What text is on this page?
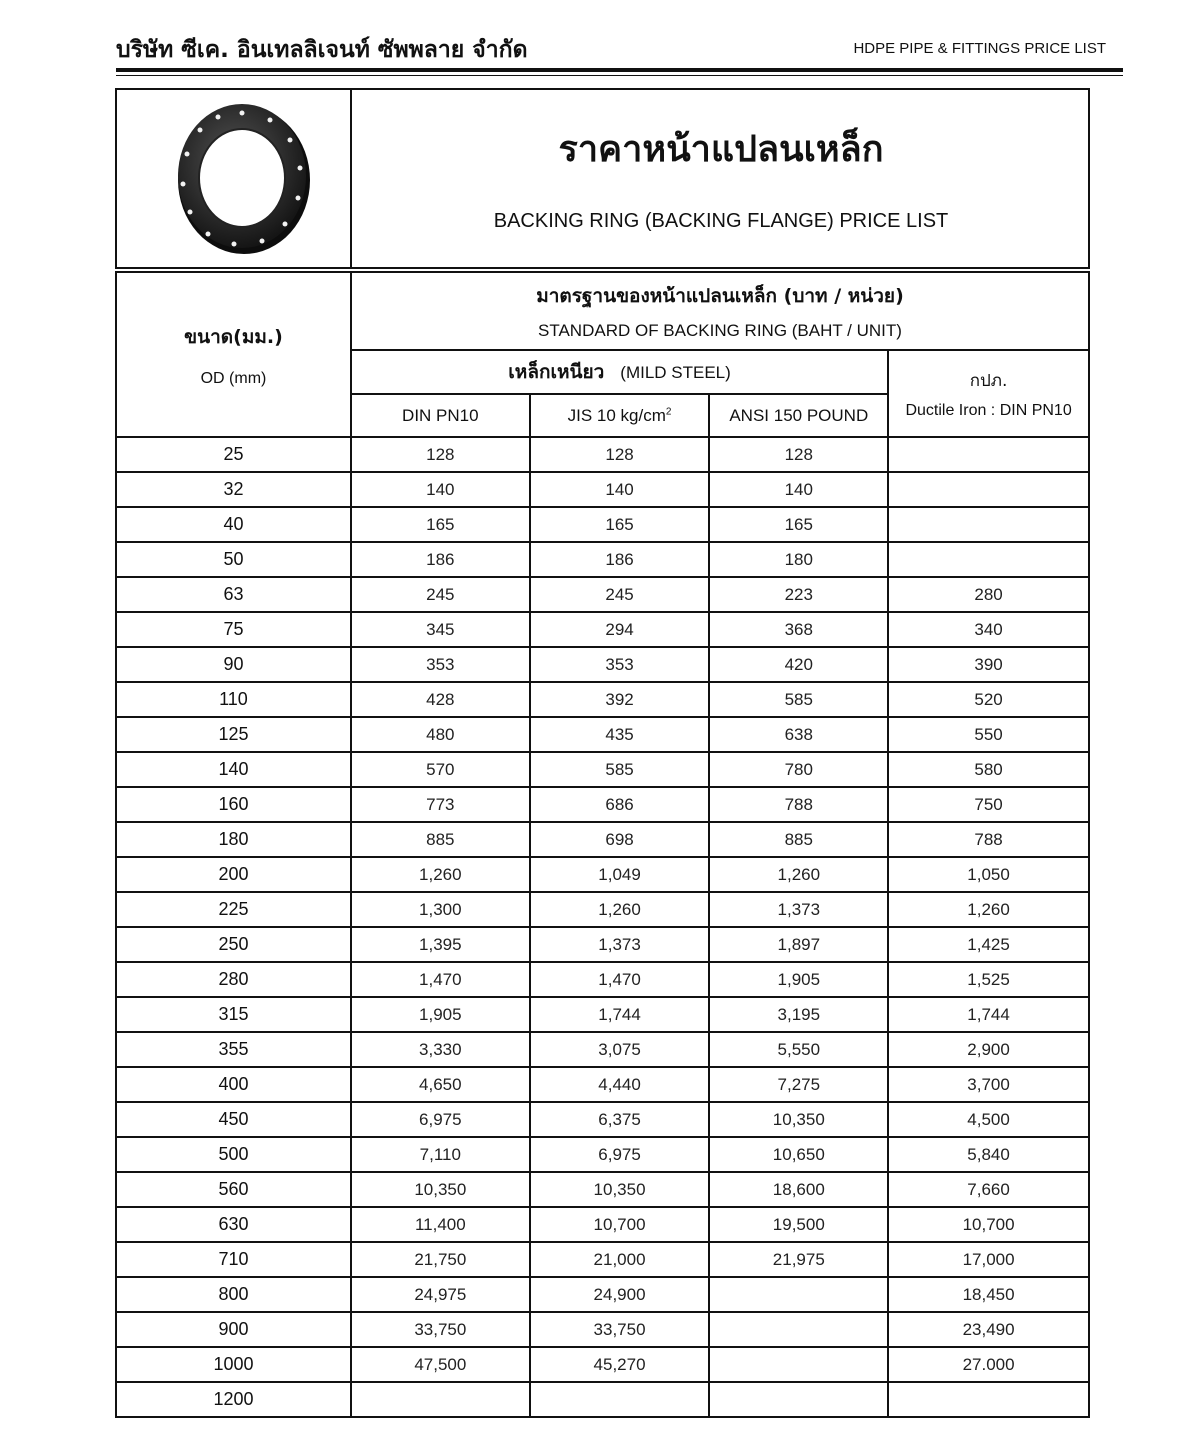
บริษัท ซีเค. อินเทลลิเจนท์ ซัพพลาย จำกัด	HDPE PIPE & FITTINGS PRICE LIST
ราคาหน้าแปลนเหล็ก
BACKING RING (BACKING FLANGE) PRICE LIST
ขนาด(มม.)
OD (mm)	มาตรฐานของหน้าแปลนเหล็ก (บาท / หน่วย)
STANDARD OF BACKING RING (BAHT / UNIT)			

	เหล็กเหนียว (MILD STEEL)			กปภ.
Ductile Iron : DIN PN10

	DIN PN10	JIS 10 $kg/cm^2$	ANSI 150 POUND	
25	128	128	128	
32	140	140	140	
40	165	165	165	
50	186	186	180	
63	245	245	223	280
75	345	294	368	340
90	353	353	420	390
110	428	392	585	520
125	480	435	638	550
140	570	585	780	580
160	773	686	788	750
180	885	698	885	788
200	1,260	1,049	1,260	1,050
225	1,300	1,260	1,373	1,260
250	1,395	1,373	1,897	1,425
280	1,470	1,470	1,905	1,525
315	1,905	1,744	3,195	1,744
355	3,330	3,075	5,550	2,900
400	4,650	4,440	7,275	3,700
450	6,975	6,375	10,350	4,500
500	7,110	6,975	10,650	5,840
560	10,350	10,350	18,600	7,660
630	11,400	10,700	19,500	10,700
710	21,750	21,000	21,975	17,000
800	24,975	24,900		18,450
900	33,750	33,750		23,490
1000	47,500	45,270		27.000
1200				
